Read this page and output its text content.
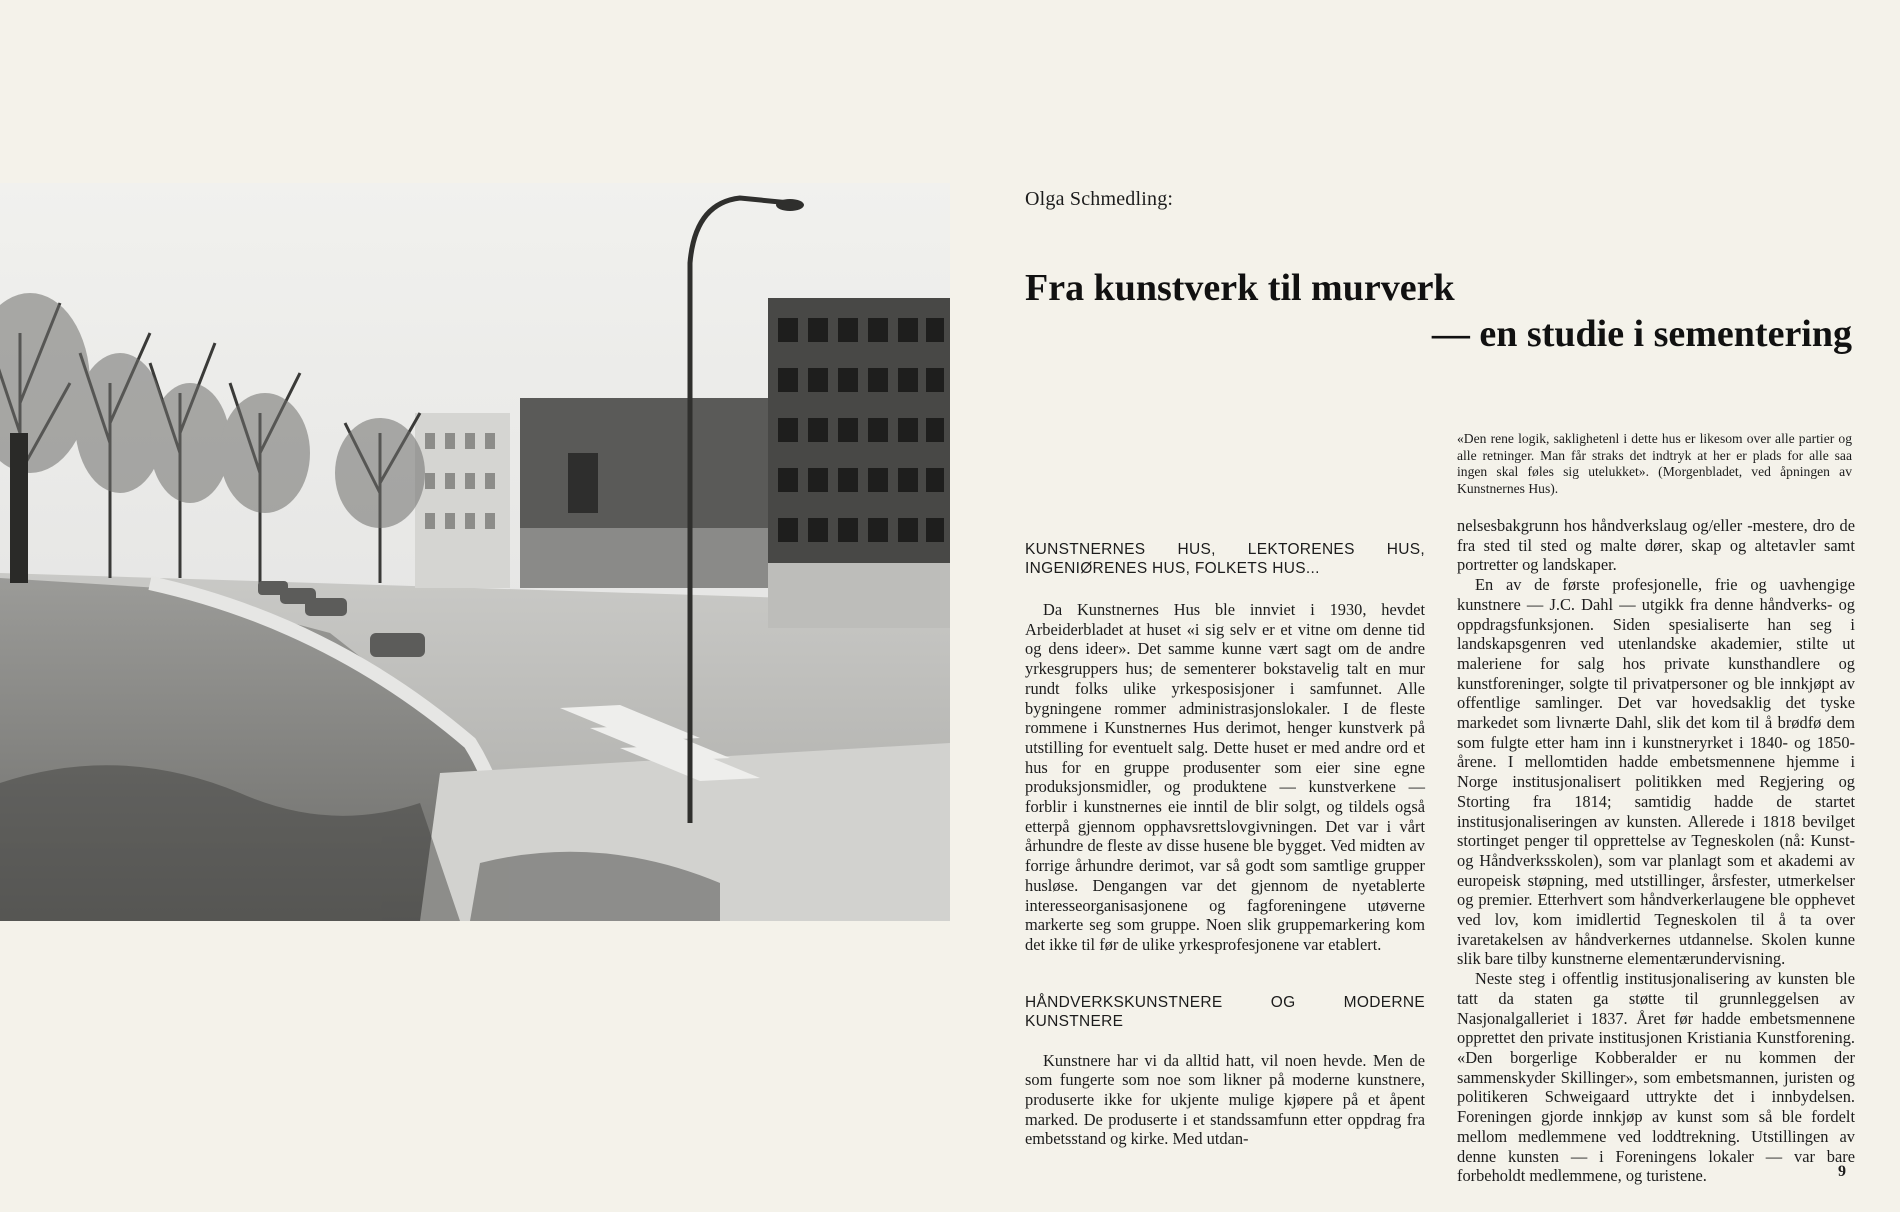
Olga Schmedling:
Fra kunstverk til murverk
— en studie i sementering
«Den rene logik, saklighetenl i dette hus er likesom over alle partier og alle retninger. Man får straks det indtryk at her er plads for alle saa ingen skal føles sig utelukket». (Morgenbladet, ved åpningen av Kunstnernes Hus).
KUNSTNERNES HUS, LEKTORENES HUS, INGENIØRENES HUS, FOLKETS HUS...

Da Kunstnernes Hus ble innviet i 1930, hevdet Arbeiderbladet at huset «i sig selv er et vitne om denne tid og dens ideer». Det samme kunne vært sagt om de andre yrkesgruppers hus; de sementerer bokstavelig talt en mur rundt folks ulike yrkesposisjoner i samfunnet. Alle bygningene rommer administrasjonslokaler. I de fleste rommene i Kunstnernes Hus derimot, henger kunstverk på utstilling for eventuelt salg. Dette huset er med andre ord et hus for en gruppe produsenter som eier sine egne produksjonsmidler, og produktene — kunstverkene — forblir i kunstnernes eie inntil de blir solgt, og tildels også etterpå gjennom opphavsrettslovgivningen. Det var i vårt århundre de fleste av disse husene ble bygget. Ved midten av forrige århundre derimot, var så godt som samtlige grupper husløse. Dengangen var det gjennom de nyetablerte interesseorganisasjonene og fagforeningene utøverne markerte seg som gruppe. Noen slik gruppemarkering kom det ikke til før de ulike yrkesprofesjonene var etablert.

HÅNDVERKSKUNSTNERE OG MODERNE KUNSTNERE

Kunstnere har vi da alltid hatt, vil noen hevde. Men de som fungerte som noe som likner på moderne kunstnere, produserte ikke for ukjente mulige kjøpere på et åpent marked. De produserte i et standssamfunn etter oppdrag fra embetsstand og kirke. Med utdan-

nelsesbakgrunn hos håndverkslaug og/eller -mestere, dro de fra sted til sted og malte dører, skap og altetavler samt portretter og landskaper.

En av de første profesjonelle, frie og uavhengige kunstnere — J.C. Dahl — utgikk fra denne håndverks- og oppdragsfunksjonen. Siden spesialiserte han seg i landskapsgenren ved utenlandske akademier, stilte ut maleriene for salg hos private kunsthandlere og kunstforeninger, solgte til privatpersoner og ble innkjøpt av offentlige samlinger. Det var hovedsaklig det tyske markedet som livnærte Dahl, slik det kom til å brødfø dem som fulgte etter ham inn i kunstneryrket i 1840- og 1850-årene. I mellomtiden hadde embetsmennene hjemme i Norge institusjonalisert politikken med Regjering og Storting fra 1814; samtidig hadde de startet institusjonaliseringen av kunsten. Allerede i 1818 bevilget stortinget penger til opprettelse av Tegneskolen (nå: Kunst- og Håndverksskolen), som var planlagt som et akademi av europeisk støpning, med utstillinger, årsfester, utmerkelser og premier. Etterhvert som håndverkerlaugene ble opphevet ved lov, kom imidlertid Tegneskolen til å ta over ivaretakelsen av håndverkernes utdannelse. Skolen kunne slik bare tilby kunstnerne elementærundervisning.

Neste steg i offentlig institusjonalisering av kunsten ble tatt da staten ga støtte til grunnleggelsen av Nasjonalgalleriet i 1837. Året før hadde embetsmennene opprettet den private institusjonen Kristiania Kunstforening. «Den borgerlige Kobberalder er nu kommen der sammenskyder Skillinger», som embetsmannen, juristen og politikeren Schweigaard uttrykte det i innbydelsen. Foreningen gjorde innkjøp av kunst som så ble fordelt mellom medlemmene ved loddtrekning. Utstillingen av denne kunsten — i Foreningens lokaler — var bare forbeholdt medlemmene, og turistene.	9
